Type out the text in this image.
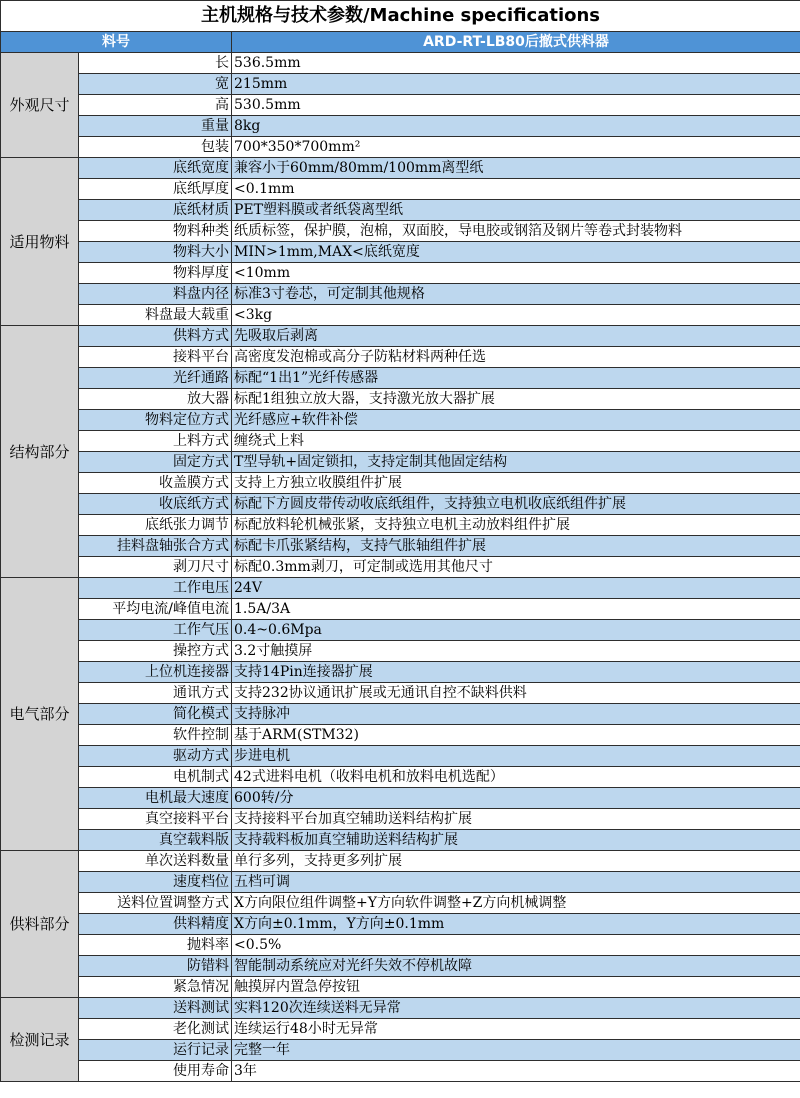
主机规格与技术参数/Machine specifications		
料号		ARD-RT-LB80后撤式供料器
外观尺寸	长	536.5mm
	宽	215mm
	高	530.5mm
	重量	8kg
	包装	700*350*700mm²
适用物料	底纸宽度	兼容小于60mm/80mm/100mm离型纸
	底纸厚度	<0.1mm
	底纸材质	PET塑料膜或者纸袋离型纸
	物料种类	纸质标签，保护膜，泡棉，双面胶，导电胶或钢箔及钢片等卷式封装物料
	物料大小	MIN>1mm,MAX<底纸宽度
	物料厚度	<10mm
	料盘内径	标准3寸卷芯，可定制其他规格
	料盘最大载重	<3kg
结构部分	供料方式	先吸取后剥离
	接料平台	高密度发泡棉或高分子防粘材料两种任选
	光纤通路	标配“1出1”光纤传感器
	放大器	标配1组独立放大器，支持激光放大器扩展
	物料定位方式	光纤感应+软件补偿
	上料方式	缠绕式上料
	固定方式	T型导轨+固定锁扣，支持定制其他固定结构
	收盖膜方式	支持上方独立收膜组件扩展
	收底纸方式	标配下方圆皮带传动收底纸组件，支持独立电机收底纸组件扩展
	底纸张力调节	标配放料轮机械张紧，支持独立电机主动放料组件扩展
	挂料盘轴张合方式	标配卡爪张紧结构，支持气胀轴组件扩展
	剥刀尺寸	标配0.3mm剥刀，可定制或选用其他尺寸
电气部分	工作电压	24V
	平均电流/峰值电流	1.5A/3A
	工作气压	0.4~0.6Mpa
	操控方式	3.2寸触摸屏
	上位机连接器	支持14Pin连接器扩展
	通讯方式	支持232协议通讯扩展或无通讯自控不缺料供料
	简化模式	支持脉冲
	软件控制	基于ARM(STM32)
	驱动方式	步进电机
	电机制式	42式进料电机（收料电机和放料电机选配）
	电机最大速度	600转/分
	真空接料平台	支持接料平台加真空辅助送料结构扩展
	真空载料版	支持载料板加真空辅助送料结构扩展
供料部分	单次送料数量	单行多列，支持更多列扩展
	速度档位	五档可调
	送料位置调整方式	X方向限位组件调整+Y方向软件调整+Z方向机械调整
	供料精度	X方向±0.1mm，Y方向±0.1mm
	抛料率	<0.5%
	防错料	智能制动系统应对光纤失效不停机故障
	紧急情况	触摸屏内置急停按钮
检测记录	送料测试	实料120次连续送料无异常
	老化测试	连续运行48小时无异常
	运行记录	完整一年
	使用寿命	3年
